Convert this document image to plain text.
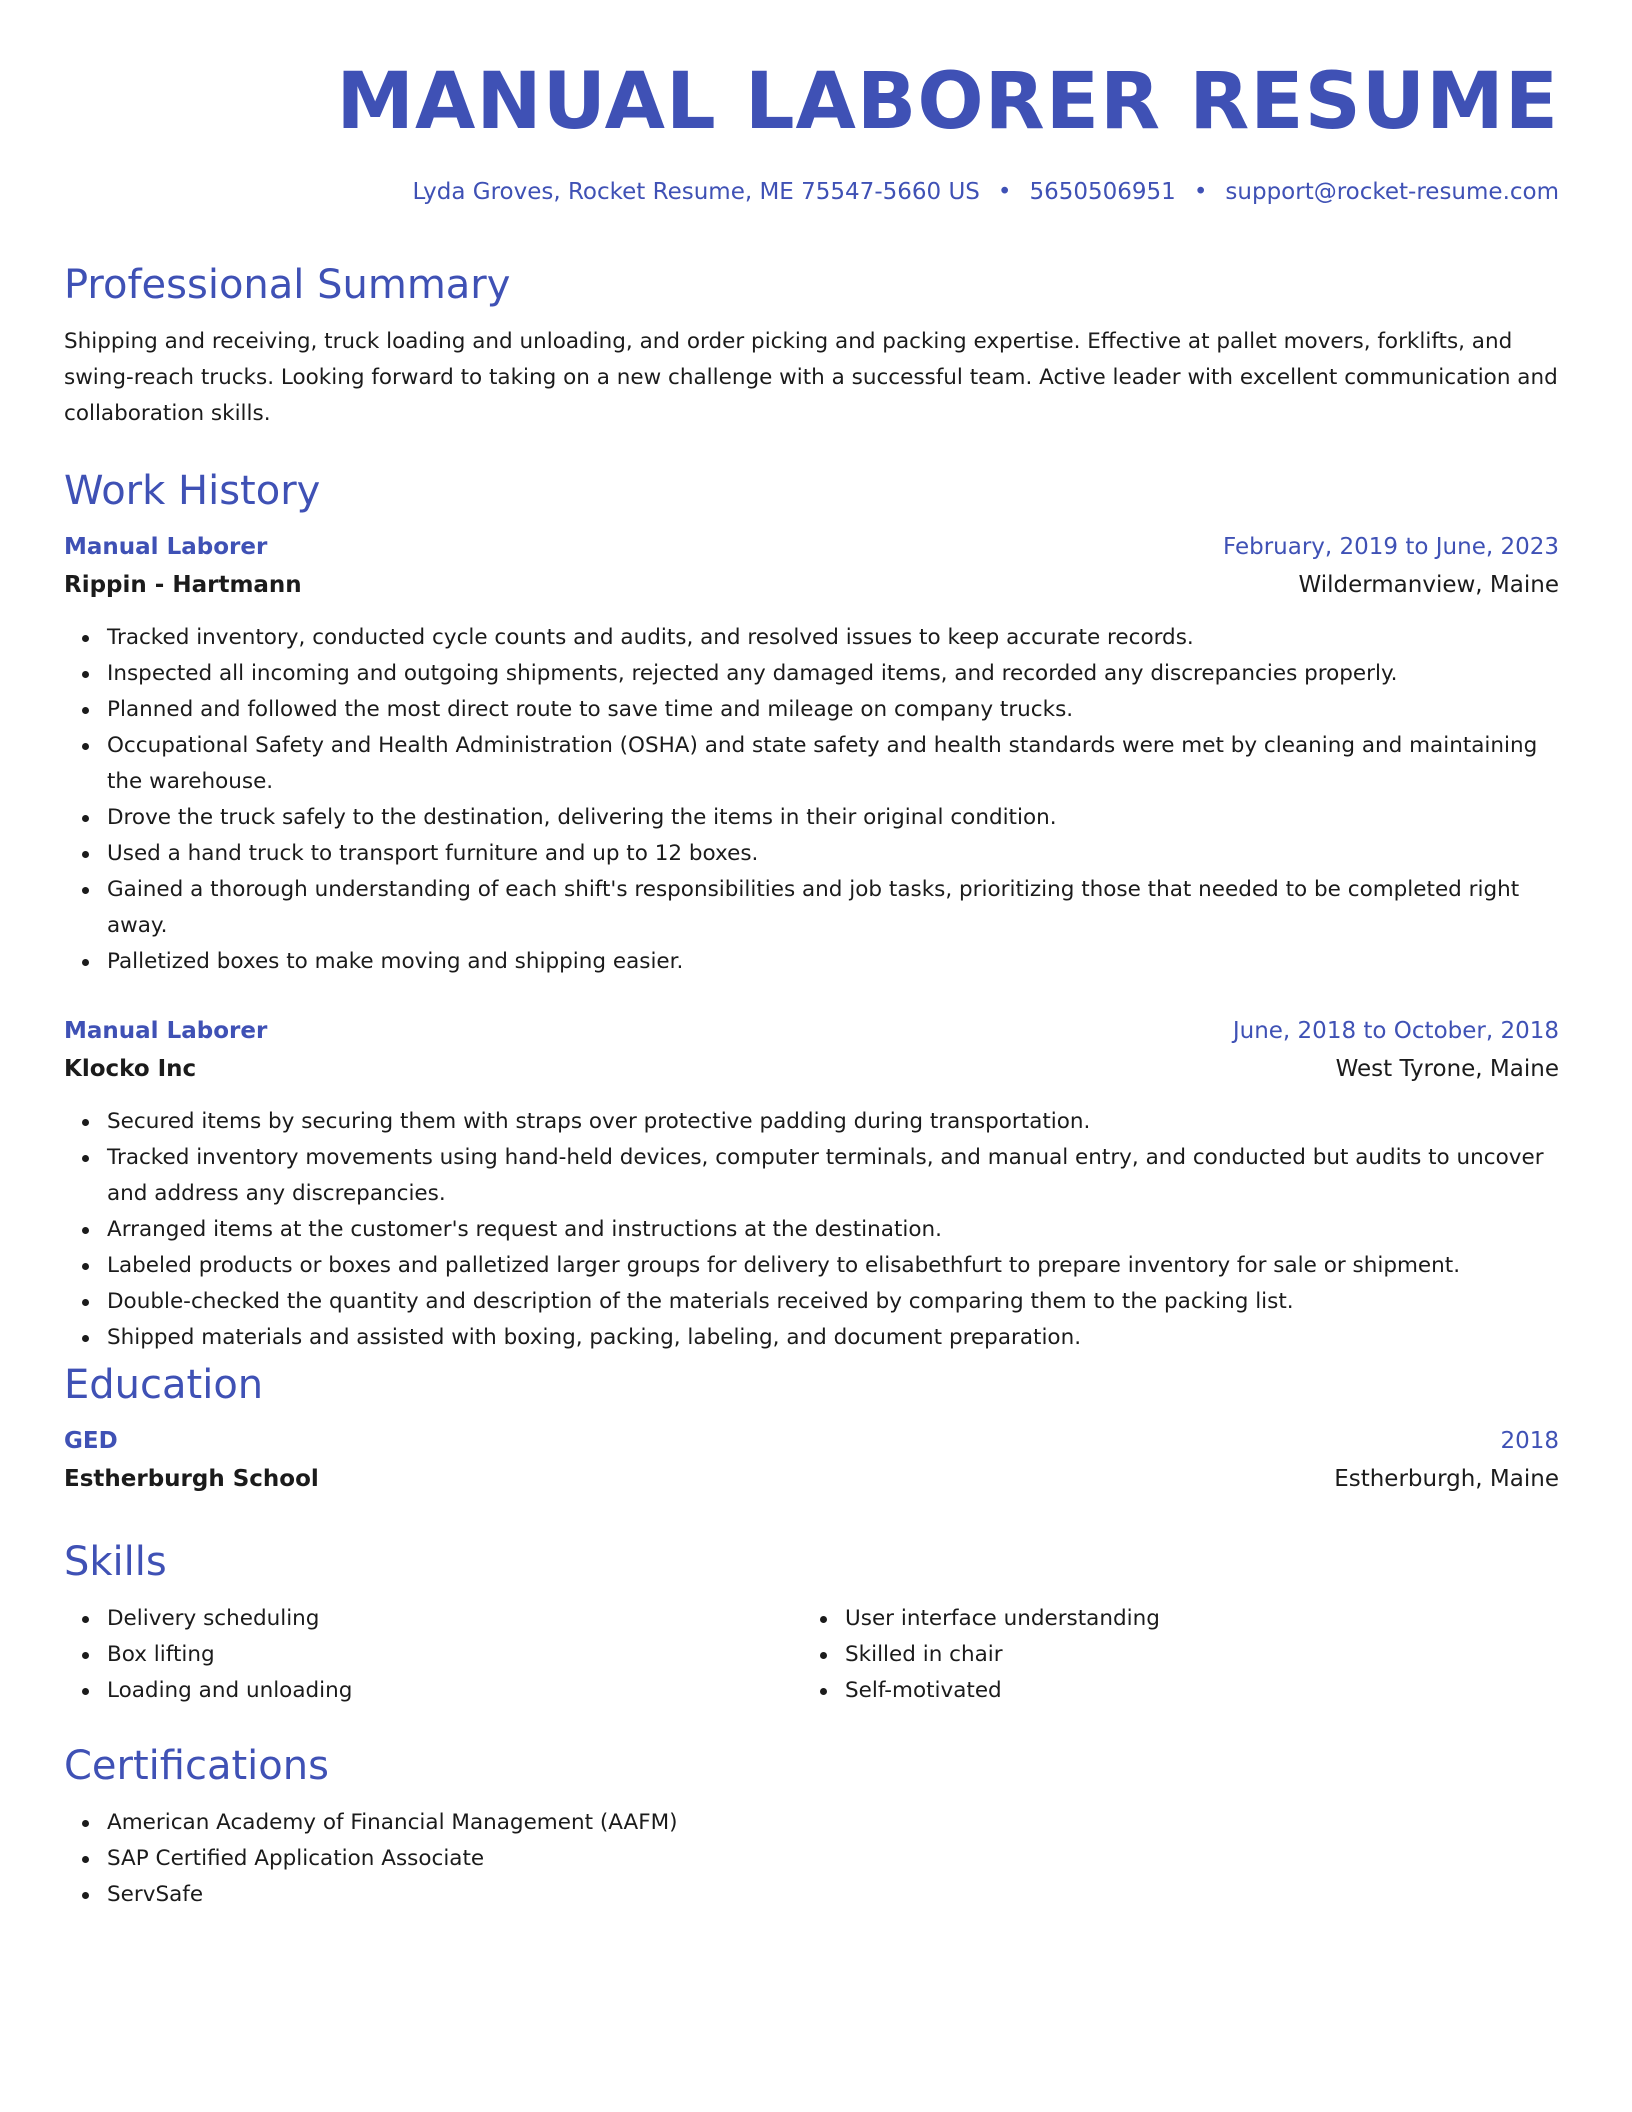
MANUAL LABORER RESUME
Lyda Groves, Rocket Resume, ME 75547-5660 US • 5650506951 • support@rocket-resume.com
Professional Summary

Shipping and receiving, truck loading and unloading, and order picking and packing expertise. Effective at pallet movers, forklifts, and swing-reach trucks. Looking forward to taking on a new challenge with a successful team. Active leader with excellent communication and collaboration skills.

Work History
Manual Laborer	February, 2019 to June, 2023
Rippin - Hartmann	Wildermanview, Maine
Tracked inventory, conducted cycle counts and audits, and resolved issues to keep accurate records.
Inspected all incoming and outgoing shipments, rejected any damaged items, and recorded any discrepancies properly.
Planned and followed the most direct route to save time and mileage on company trucks.
Occupational Safety and Health Administration (OSHA) and state safety and health standards were met by cleaning and maintaining the warehouse.
Drove the truck safely to the destination, delivering the items in their original condition.
Used a hand truck to transport furniture and up to 12 boxes.
Gained a thorough understanding of each shift's responsibilities and job tasks, prioritizing those that needed to be completed right away.
Palletized boxes to make moving and shipping easier.
Manual Laborer	June, 2018 to October, 2018
Klocko Inc	West Tyrone, Maine
Secured items by securing them with straps over protective padding during transportation.
Tracked inventory movements using hand-held devices, computer terminals, and manual entry, and conducted but audits to uncover and address any discrepancies.
Arranged items at the customer's request and instructions at the destination.
Labeled products or boxes and palletized larger groups for delivery to elisabethfurt to prepare inventory for sale or shipment.
Double-checked the quantity and description of the materials received by comparing them to the packing list.
Shipped materials and assisted with boxing, packing, labeling, and document preparation.
Education
GED	2018
Estherburgh School	Estherburgh, Maine
Skills
Delivery scheduling
Box lifting
Loading and unloading
User interface understanding
Skilled in chair
Self-motivated
Certifications
American Academy of Financial Management (AAFM)
SAP Certified Application Associate
ServSafe
